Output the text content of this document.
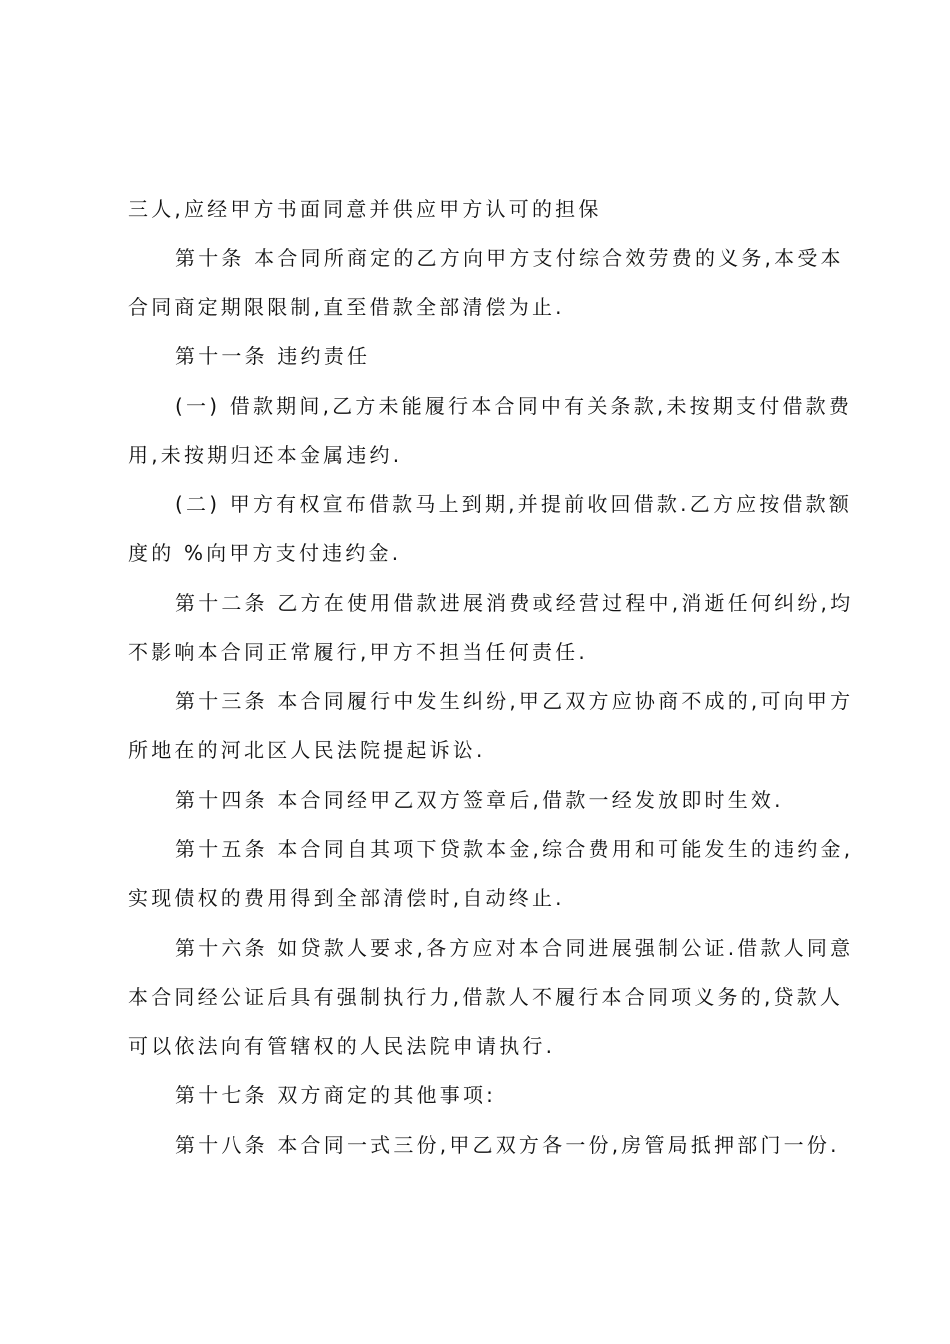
三人,应经甲方书面同意并供应甲方认可的担保
第十条 本合同所商定的乙方向甲方支付综合效劳费的义务,本受本
合同商定期限限制,直至借款全部清偿为止.
第十一条 违约责任
(一) 借款期间,乙方未能履行本合同中有关条款,未按期支付借款费
用,未按期归还本金属违约.
(二) 甲方有权宣布借款马上到期,并提前收回借款.乙方应按借款额
度的 %向甲方支付违约金.
第十二条 乙方在使用借款进展消费或经营过程中,消逝任何纠纷,均
不影响本合同正常履行,甲方不担当任何责任.
第十三条 本合同履行中发生纠纷,甲乙双方应协商不成的,可向甲方
所地在的河北区人民法院提起诉讼.
第十四条 本合同经甲乙双方签章后,借款一经发放即时生效.
第十五条 本合同自其项下贷款本金,综合费用和可能发生的违约金,
实现债权的费用得到全部清偿时,自动终止.
第十六条 如贷款人要求,各方应对本合同进展强制公证.借款人同意
本合同经公证后具有强制执行力,借款人不履行本合同项义务的,贷款人
可以依法向有管辖权的人民法院申请执行.
第十七条 双方商定的其他事项:
第十八条 本合同一式三份,甲乙双方各一份,房管局抵押部门一份.
